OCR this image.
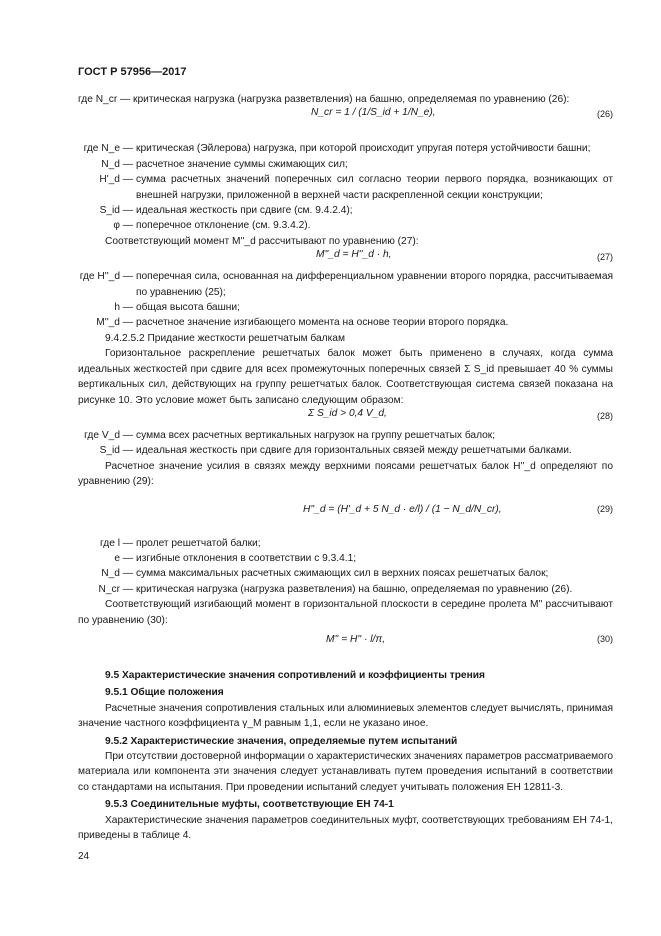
ГОСТ Р 57956—2017

где N_cr — критическая нагрузка (нагрузка разветвления) на башню, определяемая по уравнению (26):

N_cr = 1 / (1/S_id + 1/N_e),	(26)
где N_e — критическая (Эйлерова) нагрузка, при которой происходит упругая потеря устойчивости башни;
N_d — расчетное значение суммы сжимающих сил;
H'_d — сумма расчетных значений поперечных сил согласно теории первого порядка, возникающих от внешней нагрузки, приложенной в верхней части раскрепленной секции конструкции;
S_id — идеальная жесткость при сдвиге (см. 9.4.2.4);
φ — поперечное отклонение (см. 9.3.4.2).

Соответствующий момент M''_d рассчитывают по уравнению (27):

M''_d = H''_d · h,	(27)
где H''_d — поперечная сила, основанная на дифференциальном уравнении второго порядка, рассчитываемая по уравнению (25);
h — общая высота башни;
M''_d — расчетное значение изгибающего момента на основе теории второго порядка.

9.4.2.5.2 Придание жесткости решетчатым балкам

Горизонтальное раскрепление решетчатых балок может быть применено в случаях, когда сумма идеальных жесткостей при сдвиге для всех промежуточных поперечных связей Σ S_id превышает 40 % суммы вертикальных сил, действующих на группу решетчатых балок. Соответствующая система связей показана на рисунке 10. Это условие может быть записано следующим образом:

Σ S_id > 0,4 V_d,	(28)
где V_d — сумма всех расчетных вертикальных нагрузок на группу решетчатых балок;
S_id — идеальная жесткость при сдвиге для горизонтальных связей между решетчатыми балками.

Расчетное значение усилия в связях между верхними поясами решетчатых балок H''_d определяют по уравнению (29):

H''_d = (H'_d + 5 N_d · e/l) / (1 − N_d/N_cr),	(29)
где l — пролет решетчатой балки;
e — изгибные отклонения в соответствии с 9.3.4.1;
N_d — сумма максимальных расчетных сжимающих сил в верхних поясах решетчатых балок;
N_cr — критическая нагрузка (нагрузка разветвления) на башню, определяемая по уравнению (26).

Соответствующий изгибающий момент в горизонтальной плоскости в середине пролета M'' рассчитывают по уравнению (30):

M'' = H'' · l/π,	(30)

9.5 Характеристические значения сопротивлений и коэффициенты трения

9.5.1 Общие положения

Расчетные значения сопротивления стальных или алюминиевых элементов следует вычислять, принимая значение частного коэффициента γ_M равным 1,1, если не указано иное.

9.5.2 Характеристические значения, определяемые путем испытаний

При отсутствии достоверной информации о характеристических значениях параметров рассматриваемого материала или компонента эти значения следует устанавливать путем проведения испытаний в соответствии со стандартами на испытания. При проведении испытаний следует учитывать положения ЕН 12811-3.

9.5.3 Соединительные муфты, соответствующие ЕН 74-1

Характеристические значения параметров соединительных муфт, соответствующих требованиям ЕН 74-1, приведены в таблице 4.

24
